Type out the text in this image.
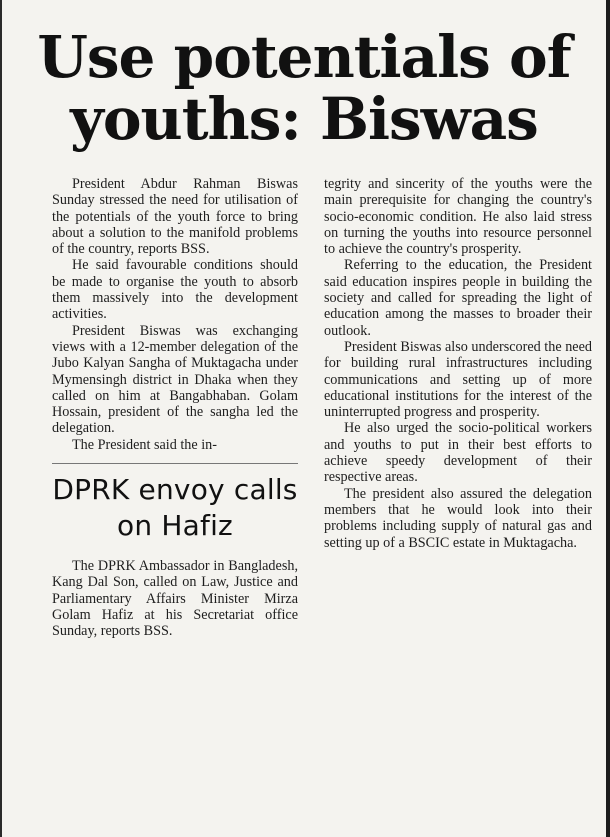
Use potentials of youths: Biswas

President Abdur Rahman Biswas Sunday stressed the need for utilisation of the potentials of the youth force to bring about a solution to the manifold problems of the country, reports BSS.

He said favourable conditions should be made to organise the youth to absorb them massively into the development activities.

President Biswas was exchanging views with a 12-member delegation of the Jubo Kalyan Sangha of Muktagacha under Mymensingh district in Dhaka when they called on him at Bangabhaban. Golam Hossain, president of the sangha led the delegation.

The President said the in-

DPRK envoy calls on Hafiz

The DPRK Ambassador in Bangladesh, Kang Dal Son, called on Law, Justice and Parliamentary Affairs Minister Mirza Golam Hafiz at his Secretariat office Sunday, reports BSS.

tegrity and sincerity of the youths were the main prerequisite for changing the country's socio-economic condition. He also laid stress on turning the youths into resource personnel to achieve the country's prosperity.

Referring to the education, the President said education inspires people in building the society and called for spreading the light of education among the masses to broader their outlook.

President Biswas also underscored the need for building rural infrastructures including communications and setting up of more educational institutions for the interest of the uninterrupted progress and prosperity.

He also urged the socio-political workers and youths to put in their best efforts to achieve speedy development of their respective areas.

The president also assured the delegation members that he would look into their problems including supply of natural gas and setting up of a BSCIC estate in Muktagacha.
